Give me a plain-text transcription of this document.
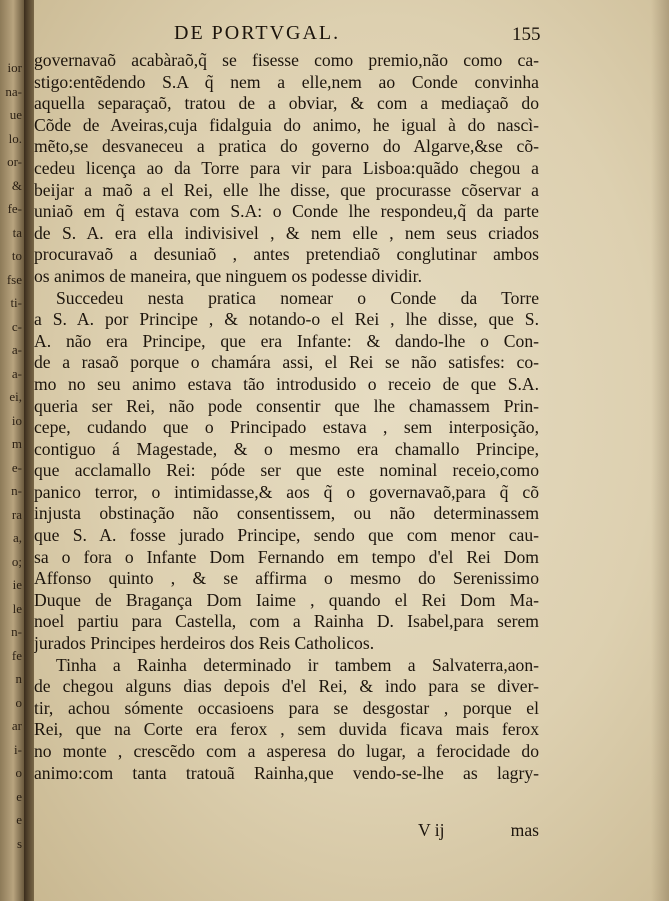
ior
na-
ue
lo.
or-
&
fe-
ta
to
fse
ti-
c-
a-
a-
ei,
io
m
e-
n-
ra
a,
o;
ie
le
n-
fe
n
o
ar
i-
o
e
e
s
DE PORTVGAL.	155
governavaõ acabàraõ,q̃ se fisesse como premio,não como ca-
stigo:entẽdendo S.A q̃ nem a elle,nem ao Conde convinha
aquella separaçaõ, tratou de a obviar, & com a mediaçaõ do
Cõde de Aveiras,cuja fidalguia do animo, he igual à do nascì-
mẽto,se desvaneceu a pratica do governo do Algarve,&se cõ-
cedeu licença ao da Torre para vir para Lisboa:quãdo chegou a
beijar a maõ a el Rei, elle lhe disse, que procurasse cõservar a
uniaõ em q̃ estava com S.A: o Conde lhe respondeu,q̃ da parte
de S. A. era ella indivisivel , & nem elle , nem seus criados
procuravaõ a desuniaõ , antes pretendiaõ conglutinar ambos
os animos de maneira, que ninguem os podesse dividir.
Succedeu nesta pratica nomear o Conde da Torre
a S. A. por Principe , & notando-o el Rei , lhe disse, que S.
A. não era Principe, que era Infante: & dando-lhe o Con-
de a rasaõ porque o chamára assi, el Rei se não satisfes: co-
mo no seu animo estava tão introdusido o receio de que S.A.
queria ser Rei, não pode consentir que lhe chamassem Prin-
cepe, cudando que o Principado estava , sem interposição,
contiguo á Magestade, & o mesmo era chamallo Principe,
que acclamallo Rei: póde ser que este nominal receio,como
panico terror, o intimidasse,& aos q̃ o governavaõ,para q̃ cõ
injusta obstinação não consentissem, ou não determinassem
que S. A. fosse jurado Principe, sendo que com menor cau-
sa o fora o Infante Dom Fernando em tempo d'el Rei Dom
Affonso quinto , & se affirma o mesmo do Serenissimo
Duque de Bragança Dom Iaime , quando el Rei Dom Ma-
noel partiu para Castella, com a Rainha D. Isabel,para serem
jurados Principes herdeiros dos Reis Catholicos.
Tinha a Rainha determinado ir tambem a Salvaterra,aon-
de chegou alguns dias depois d'el Rei, & indo para se diver-
tir, achou sómente occasioens para se desgostar , porque el
Rei, que na Corte era ferox , sem duvida ficava mais ferox
no monte , crescẽdo com a asperesa do lugar, a ferocidade do
animo:com tanta tratouã Rainha,que vendo-se-lhe as lagry-
V ij	mas
